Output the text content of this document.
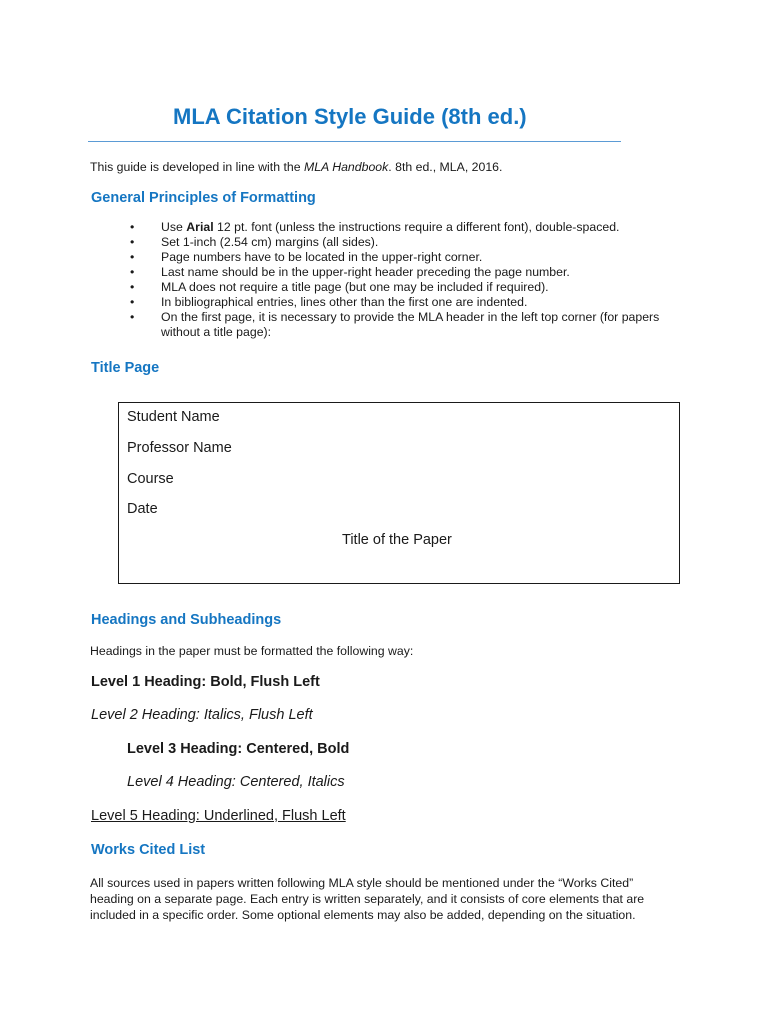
MLA Citation Style Guide (8th ed.)

This guide is developed in line with the MLA Handbook. 8th ed., MLA, 2016.

General Principles of Formatting
• Use Arial 12 pt. font (unless the instructions require a different font), double-spaced.
• Set 1-inch (2.54 cm) margins (all sides).
• Page numbers have to be located in the upper-right corner.
• Last name should be in the upper-right header preceding the page number.
• MLA does not require a title page (but one may be included if required).
• In bibliographical entries, lines other than the first one are indented.
• On the first page, it is necessary to provide the MLA header in the left top corner (for papers without a title page):
Title Page
Student Name
Professor Name
Course
Date
Title of the Paper
Headings and Subheadings

Headings in the paper must be formatted the following way:

Level 1 Heading: Bold, Flush Left

Level 2 Heading: Italics, Flush Left

Level 3 Heading: Centered, Bold

Level 4 Heading: Centered, Italics

Level 5 Heading: Underlined, Flush Left

Works Cited List

All sources used in papers written following MLA style should be mentioned under the “Works Cited”

heading on a separate page. Each entry is written separately, and it consists of core elements that are

included in a specific order. Some optional elements may also be added, depending on the situation.
